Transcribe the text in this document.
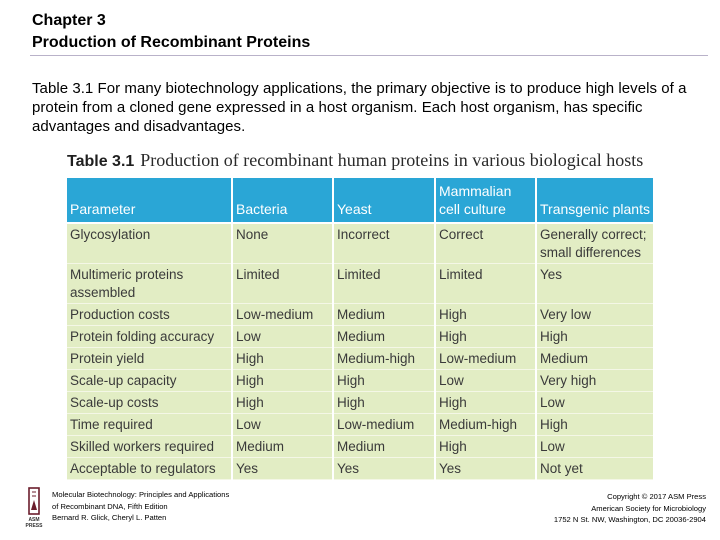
Chapter 3
Production of Recombinant Proteins
Table 3.1 For many biotechnology applications, the primary objective is to produce high levels of a protein from a cloned gene expressed in a host organism. Each host organism, has specific advantages and disadvantages.
Table 3.1 Production of recombinant human proteins in various biological hosts
Parameter	Bacteria	Yeast	Mammalian cell culture	Transgenic plants
Glycosylation	None	Incorrect	Correct	Generally correct; small differences
Multimeric proteins assembled	Limited	Limited	Limited	Yes
Production costs	Low-medium	Medium	High	Very low
Protein folding accuracy	Low	Medium	High	High
Protein yield	High	Medium-high	Low-medium	Medium
Scale-up capacity	High	High	Low	Very high
Scale-up costs	High	High	High	Low
Time required	Low	Low-medium	Medium-high	High
Skilled workers required	Medium	Medium	High	Low
Acceptable to regulators	Yes	Yes	Yes	Not yet
ASM PRESS
Molecular Biotechnology: Principles and Applications
of Recombinant DNA, Fifth Edition
Bernard R. Glick, Cheryl L. Patten
Copyright © 2017 ASM Press
American Society for Microbiology
1752 N St. NW, Washington, DC 20036-2904
